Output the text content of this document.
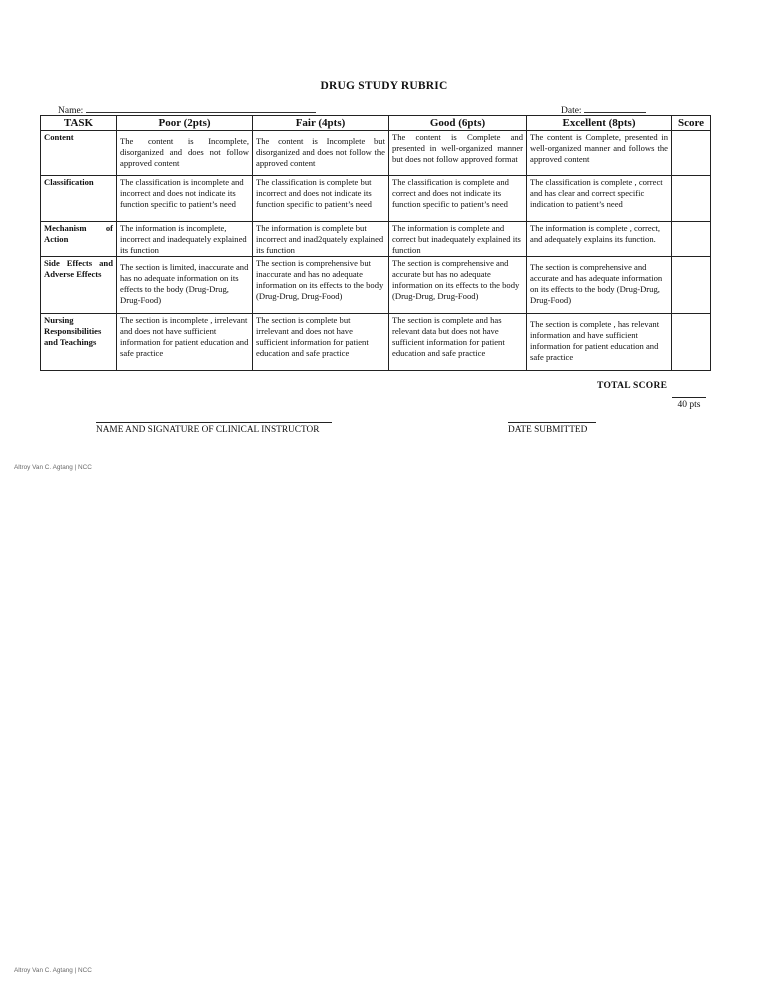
DRUG STUDY RUBRIC
Name:	Date:
TASK	Poor (2pts)	Fair (4pts)	Good (6pts)	Excellent (8pts)	Score
Content	The content is Incomplete, disorganized and does not follow approved content	The content is Incomplete but disorganized and does not follow the approved content	The content is Complete and presented in well-organized manner but does not follow approved format	The content is Complete, presented in well-organized manner and follows the approved content	
Classification	The classification is incomplete and incorrect and does not indicate its function specific to patient’s need	The classification is complete but incorrect and does not indicate its function specific to patient’s need	The classification is complete and correct and does not indicate its function specific to patient’s need	The classification is complete , correct and has clear and correct specific indication to patient’s need	
Mechanism of Action	The information is incomplete, incorrect and inadequately explained its function	The information is complete but incorrect and inad2quately explained its function	The information is complete and correct but inadequately explained its function	The information is complete , correct, and adequately explains its function.	
Side Effects and Adverse Effects	The section is limited, inaccurate and has no adequate information on its effects to the body (Drug-Drug, Drug-Food)	The section is comprehensive but inaccurate and has no adequate information on its effects to the body (Drug-Drug, Drug-Food)	The section is comprehensive and accurate but has no adequate information on its effects to the body (Drug-Drug, Drug-Food)	The section is comprehensive and accurate and has adequate information on its effects to the body (Drug-Drug, Drug-Food)	
Nursing Responsibilities and Teachings	The section is incomplete , irrelevant and does not have sufficient information for patient education and safe practice	The section is complete but irrelevant and does not have sufficient information for patient education and safe practice	The section is complete and has relevant data but does not have sufficient information for patient education and safe practice	The section is complete , has relevant information and have sufficient information for patient education and safe practice	
TOTAL SCORE
40 pts
NAME AND SIGNATURE OF CLINICAL INSTRUCTOR	DATE SUBMITTED
Altroy Van C. Agtang | NCC
Altroy Van C. Agtang | NCC
